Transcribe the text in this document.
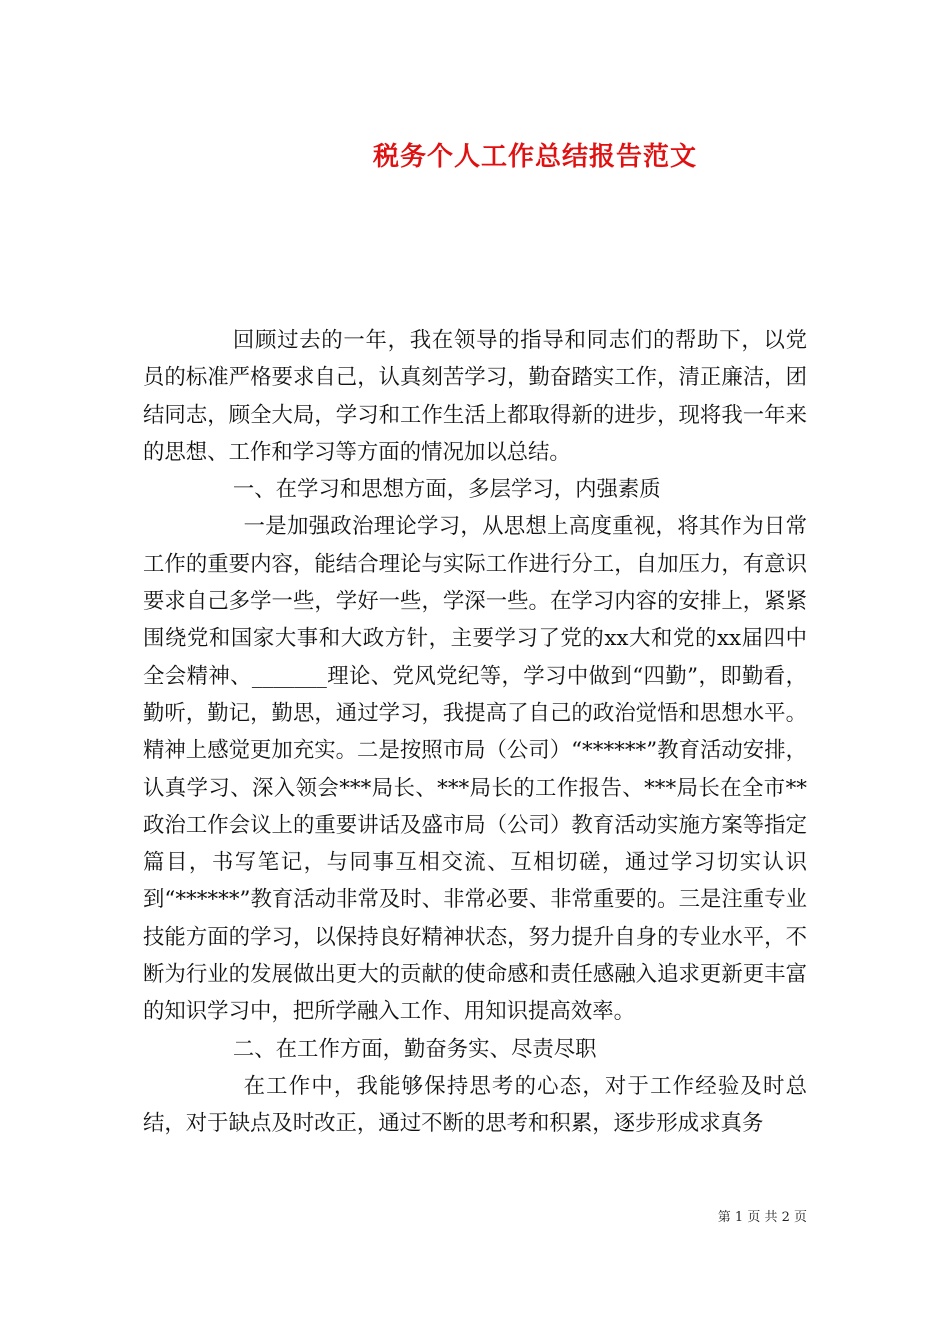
税务个人工作总结报告范文

回顾过去的一年，我在领导的指导和同志们的帮助下，以党员的标准严格要求自己，认真刻苦学习，勤奋踏实工作，清正廉洁，团结同志，顾全大局，学习和工作生活上都取得新的进步，现将我一年来的思想、工作和学习等方面的情况加以总结。

一、在学习和思想方面，多层学习，内强素质

一是加强政治理论学习，从思想上高度重视，将其作为日常工作的重要内容，能结合理论与实际工作进行分工，自加压力，有意识要求自己多学一些，学好一些，学深一些。在学习内容的安排上，紧紧围绕党和国家大事和大政方针，主要学习了党的xx大和党的xx届四中全会精神、_______理论、党风党纪等，学习中做到“四勤”，即勤看，勤听，勤记，勤思，通过学习，我提高了自己的政治觉悟和思想水平。精神上感觉更加充实。二是按照市局（公司）“******”教育活动安排，认真学习、深入领会***局长、***局长的工作报告、***局长在全市**政治工作会议上的重要讲话及盛市局（公司）教育活动实施方案等指定篇目，书写笔记，与同事互相交流、互相切磋，通过学习切实认识到“******”教育活动非常及时、非常必要、非常重要的。三是注重专业技能方面的学习，以保持良好精神状态，努力提升自身的专业水平，不断为行业的发展做出更大的贡献的使命感和责任感融入追求更新更丰富的知识学习中，把所学融入工作、用知识提高效率。

二、在工作方面，勤奋务实、尽责尽职

在工作中，我能够保持思考的心态，对于工作经验及时总结，对于缺点及时改正，通过不断的思考和积累，逐步形成求真务

第 1 页 共 2 页
